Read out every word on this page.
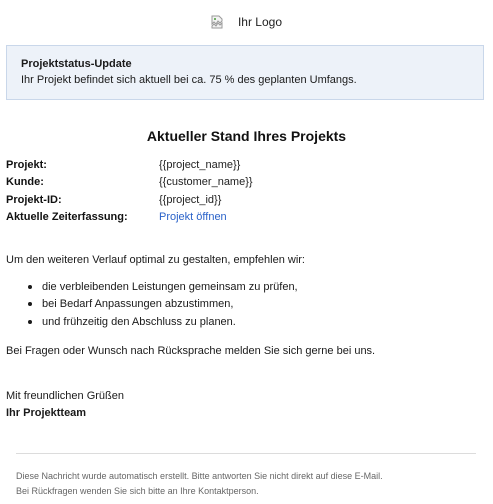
Ihr Logo
Projektstatus-Update
Ihr Projekt befindet sich aktuell bei ca. 75 % des geplanten Umfangs.
Aktueller Stand Ihres Projekts
Projekt:	{{project_name}}
Kunde:	{{customer_name}}
Projekt-ID:	{{project_id}}
Aktuelle Zeiterfassung:	Projekt öffnen
Um den weiteren Verlauf optimal zu gestalten, empfehlen wir:
die verbleibenden Leistungen gemeinsam zu prüfen,
bei Bedarf Anpassungen abzustimmen,
und frühzeitig den Abschluss zu planen.
Bei Fragen oder Wunsch nach Rücksprache melden Sie sich gerne bei uns.
Mit freundlichen Grüßen
Ihr Projektteam
Diese Nachricht wurde automatisch erstellt. Bitte antworten Sie nicht direkt auf diese E-Mail.
Bei Rückfragen wenden Sie sich bitte an Ihre Kontaktperson.
